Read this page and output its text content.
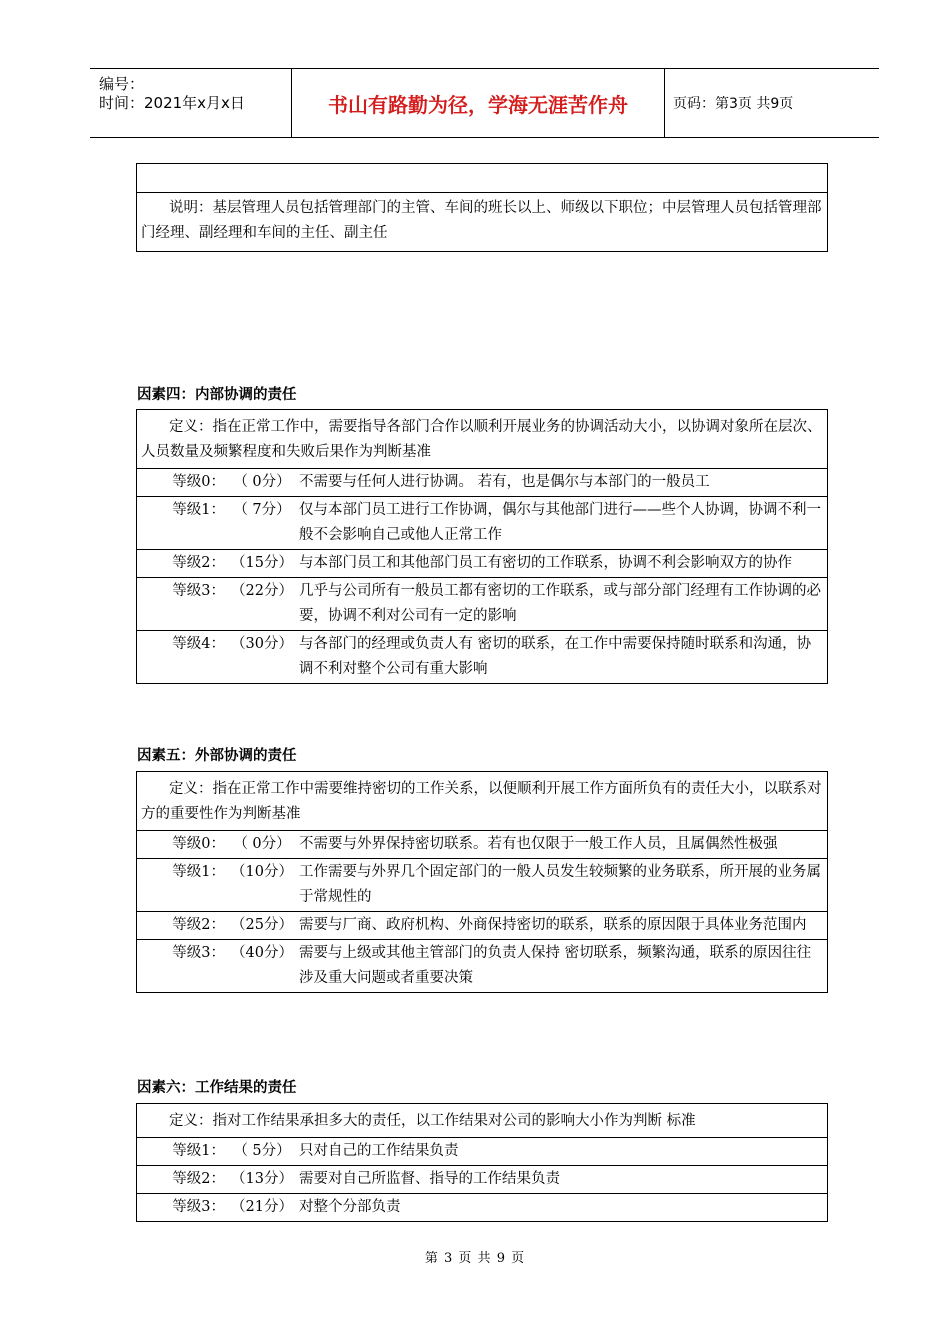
编号：
时间：2021年x月x日	书山有路勤为径，学海无涯苦作舟	页码：第3页 共9页
说明：基层管理人员包括管理部门的主管、车间的班长以上、师级以下职位；中层管理人员包括管理部门经理、副经理和车间的主任、副主任
因素四：内部协调的责任
定义：指在正常工作中，需要指导各部门合作以顺利开展业务的协调活动大小，以协调对象所在层次、人员数量及频繁程度和失败后果作为判断基准
等级0： （ 0分） 不需要与任何人进行协调。 若有，也是偶尔与本部门的一般员工
等级1： （ 7分） 仅与本部门员工进行工作协调，偶尔与其他部门进行——些个人协调，协调不利一般不会影响自己或他人正常工作
等级2： （15分） 与本部门员工和其他部门员工有密切的工作联系，协调不利会影响双方的协作
等级3： （22分） 几乎与公司所有一般员工都有密切的工作联系，或与部分部门经理有工作协调的必要，协调不利对公司有一定的影响
等级4： （30分） 与各部门的经理或负责人有 密切的联系，在工作中需要保持随时联系和沟通，协调不利对整个公司有重大影响
因素五：外部协调的责任
定义：指在正常工作中需要维持密切的工作关系，以便顺利开展工作方面所负有的责任大小，以联系对方的重要性作为判断基准
等级0： （ 0分） 不需要与外界保持密切联系。若有也仅限于一般工作人员，且属偶然性极强
等级1： （10分） 工作需要与外界几个固定部门的一般人员发生较频繁的业务联系，所开展的业务属于常规性的
等级2： （25分） 需要与厂商、政府机构、外商保持密切的联系，联系的原因限于具体业务范围内
等级3： （40分） 需要与上级或其他主管部门的负责人保持 密切联系，频繁沟通，联系的原因往往涉及重大问题或者重要决策
因素六：工作结果的责任
定义：指对工作结果承担多大的责任，以工作结果对公司的影响大小作为判断 标准
等级1： （ 5分） 只对自己的工作结果负责
等级2： （13分） 需要对自己所监督、指导的工作结果负责
等级3： （21分） 对整个分部负责
第 3 页 共 9 页
